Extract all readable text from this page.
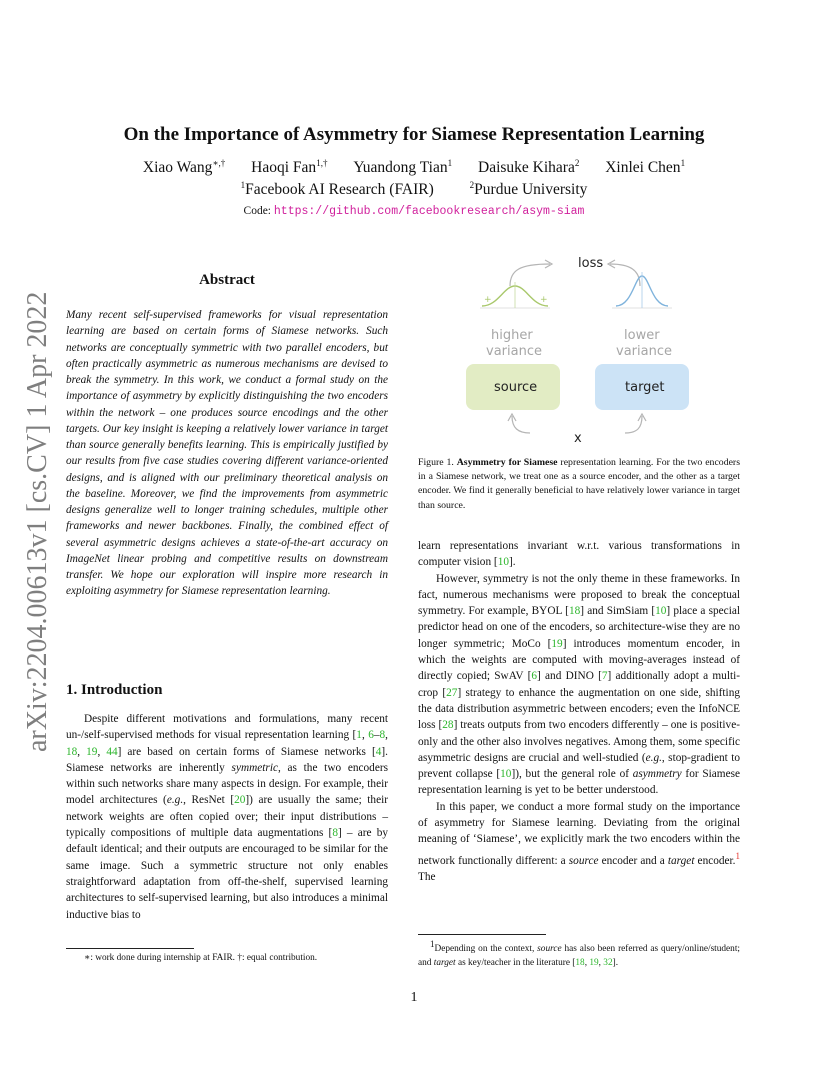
arXiv:2204.00613v1 [cs.CV] 1 Apr 2022
On the Importance of Asymmetry for Siamese Representation Learning
Xiao Wang∗,† Haoqi Fan$^{1,\dagger}$ Yuandong Tian$^1$ Daisuke Kihara$^2$ Xinlei Chen$^1$
$^1$Facebook AI Research (FAIR)	$^2$Purdue University
Code: https://github.com/facebookresearch/asym-siam
Abstract
Many recent self-supervised frameworks for visual representation learning are based on certain forms of Siamese networks. Such networks are conceptually symmetric with two parallel encoders, but often practically asymmetric as numerous mechanisms are devised to break the symmetry. In this work, we conduct a formal study on the importance of asymmetry by explicitly distinguishing the two encoders within the network – one produces source encodings and the other targets. Our key insight is keeping a relatively lower variance in target than source generally benefits learning. This is empirically justified by our results from five case studies covering different variance-oriented designs, and is aligned with our preliminary theoretical analysis on the baseline. Moreover, we find the improvements from asymmetric designs generalize well to longer training schedules, multiple other frameworks and newer backbones. Finally, the combined effect of several asymmetric designs achieves a state-of-the-art accuracy on ImageNet linear probing and competitive results on downstream transfer. We hope our exploration will inspire more research in exploiting asymmetry for Siamese representation learning.
1. Introduction
Despite different motivations and formulations, many recent un-/self-supervised methods for visual representation learning [1, 6–8, 18, 19, 44] are based on certain forms of Siamese networks [4]. Siamese networks are inherently symmetric, as the two encoders within such networks share many aspects in design. For example, their model architectures (e.g., ResNet [20]) are usually the same; their network weights are often copied over; their input distributions – typically compositions of multiple data augmentations [8] – are by default identical; and their outputs are encouraged to be similar for the same image. Such a symmetric structure not only enables straightforward adaptation from off-the-shelf, supervised learning architectures to self-supervised learning, but also introduces a minimal inductive bias to
∗: work done during internship at FAIR. †: equal contribution.
loss
+	+
higher
variance
lower
variance
source	target
x
Figure 1. Asymmetry for Siamese representation learning. For the two encoders in a Siamese network, we treat one as a source encoder, and the other as a target encoder. We find it generally beneficial to have relatively lower variance in target than source.

learn representations invariant w.r.t. various transformations in computer vision [10].

However, symmetry is not the only theme in these frameworks. In fact, numerous mechanisms were proposed to break the conceptual symmetry. For example, BYOL [18] and SimSiam [10] place a special predictor head on one of the encoders, so architecture-wise they are no longer symmetric; MoCo [19] introduces momentum encoder, in which the weights are computed with moving-averages instead of directly copied; SwAV [6] and DINO [7] additionally adopt a multi-crop [27] strategy to enhance the augmentation on one side, shifting the data distribution asymmetric between encoders; even the InfoNCE loss [28] treats outputs from two encoders differently – one is positive-only and the other also involves negatives. Among them, some specific asymmetric designs are crucial and well-studied (e.g., stop-gradient to prevent collapse [10]), but the general role of asymmetry for Siamese representation learning is yet to be better understood.

In this paper, we conduct a more formal study on the importance of asymmetry for Siamese learning. Deviating from the original meaning of ‘Siamese’, we explicitly mark the two encoders within the network functionally different: a source encoder and a target encoder.$^1$ The

$^1$Depending on the context, source has also been referred as query/online/student; and target as key/teacher in the literature [18, 19, 32].
1
